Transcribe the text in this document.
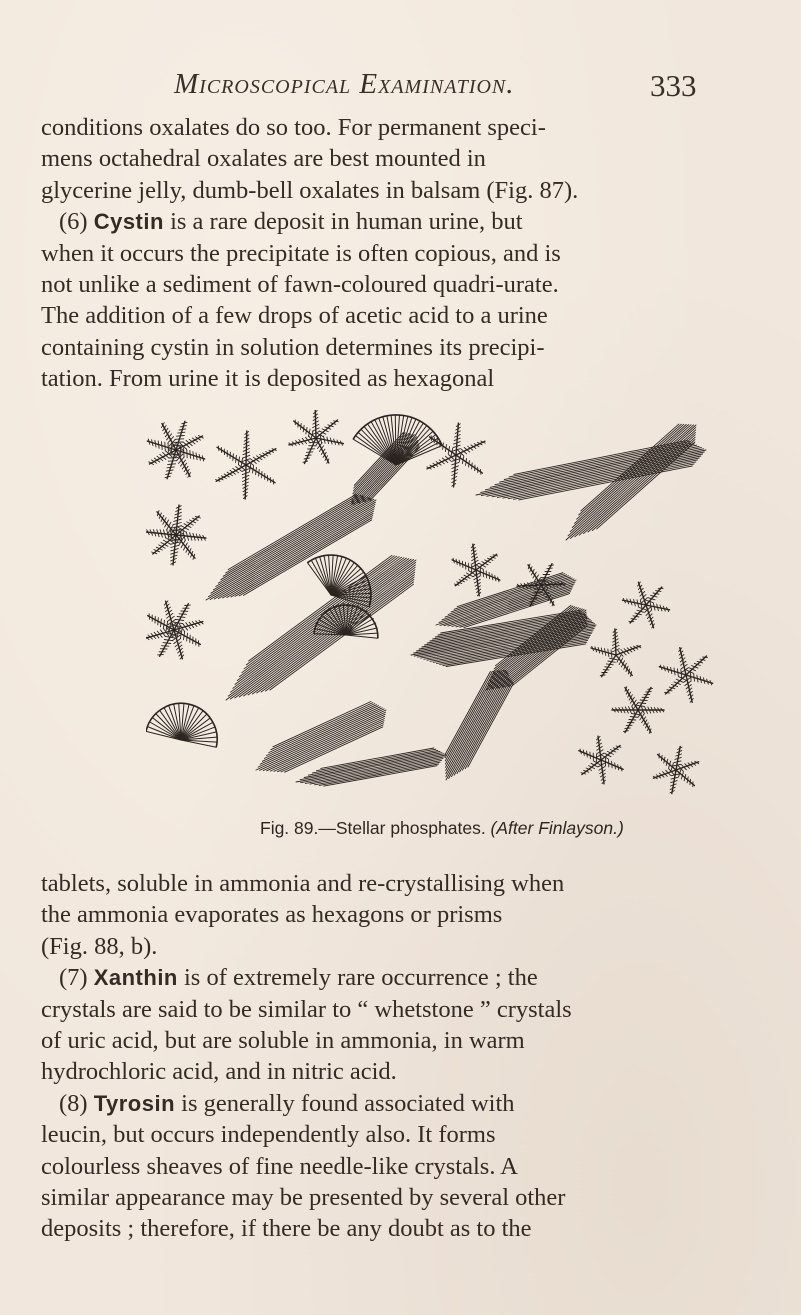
Microscopical Examination.	333

conditions oxalates do so too. For permanent speci-

mens octahedral oxalates are best mounted in

glycerine jelly, dumb-bell oxalates in balsam (Fig. 87).

(6) Cystin is a rare deposit in human urine, but

when it occurs the precipitate is often copious, and is

not unlike a sediment of fawn-coloured quadri-urate.

The addition of a few drops of acetic acid to a urine

containing cystin in solution determines its precipi-

tation. From urine it is deposited as hexagonal

Fig. 89.—Stellar phosphates. (After Finlayson.)

tablets, soluble in ammonia and re-crystallising when

the ammonia evaporates as hexagons or prisms

(Fig. 88, b).

(7) Xanthin is of extremely rare occurrence ; the

crystals are said to be similar to “ whetstone ” crystals

of uric acid, but are soluble in ammonia, in warm

hydrochloric acid, and in nitric acid.

(8) Tyrosin is generally found associated with

leucin, but occurs independently also. It forms

colourless sheaves of fine needle-like crystals. A

similar appearance may be presented by several other

deposits ; therefore, if there be any doubt as to the
